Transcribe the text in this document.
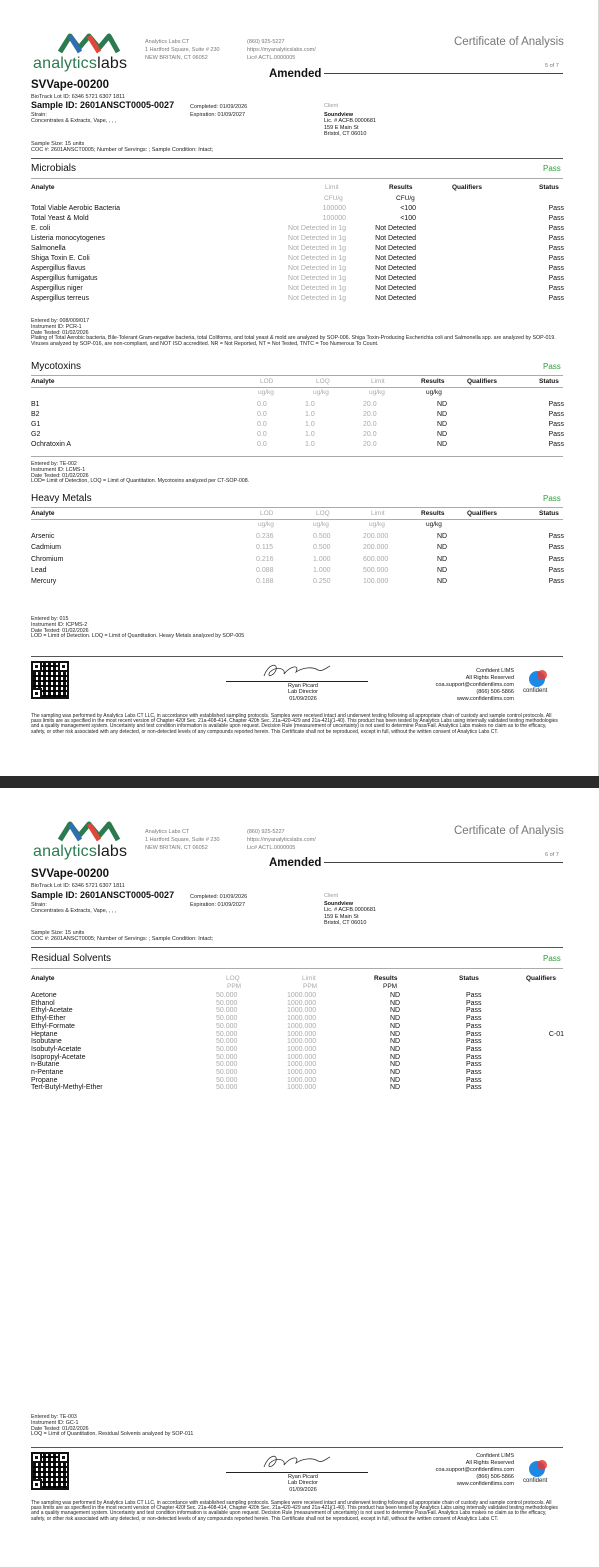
analyticslabs
Analytics Labs CT
1 Hartford Square, Suite # 230
NEW BRITAIN, CT 06052
(860) 925-5227
https://myanalyticslabs.com/
Lic# ACTL.0000005
Certificate of Analysis
5 of 7
Amended
SVVape-00200
BioTrack Lot ID: 6346 5721 6307 1811
Sample ID: 2601ANSCT0005-0027
Strain:
Concentrates & Extracts, Vape, , , ,
Completed: 01/09/2026
Expiration: 01/09/2027
Client
Soundview
Lic. # ACFB.0000681
159 E Main St
Bristol, CT 06010
Sample Size: 15 units
COC #: 2601ANSCT0005; Number of Servings: ; Sample Condition: Intact;
Microbials	Pass
Analyte	Limit	Results	Qualifiers	Status
CFU/g	CFU/g
Total Viable Aerobic Bacteria	100000	<100		Pass
Total Yeast & Mold	100000	<100		Pass
E. coli	Not Detected in 1g	Not Detected		Pass
Listeria monocytogenes	Not Detected in 1g	Not Detected		Pass
Salmonella	Not Detected in 1g	Not Detected		Pass
Shiga Toxin E. Coli	Not Detected in 1g	Not Detected		Pass
Aspergillus flavus	Not Detected in 1g	Not Detected		Pass
Aspergillus fumigatus	Not Detected in 1g	Not Detected		Pass
Aspergillus niger	Not Detected in 1g	Not Detected		Pass
Aspergillus terreus	Not Detected in 1g	Not Detected		Pass
Entered by: 008/009/017
Instrument ID: PCR-1
Date Tested: 01/02/2026
Plating of Total Aerobic bacteria, Bile-Tolerant Gram-negative bacteria, total Coliforms, and total yeast & mold are analyzed by SOP-006. Shiga Toxin-Producing Escherichia coli and Salmonella spp. are analyzed by SOP-019. Viruses analyzed by SOP-016, are non-compliant, and NOT ISO accredited. NR = Not Reported, NT = Not Tested, TNTC = Too Numerous To Count.
Mycotoxins	Pass
Analyte	LOD	LOQ	Limit	Results	Qualifiers	Status
ug/kg	ug/kg	ug/kg	ug/kg
B1	0.0	1.0	20.0	ND		Pass
B2	0.0	1.0	20.0	ND		Pass
G1	0.0	1.0	20.0	ND		Pass
G2	0.0	1.0	20.0	ND		Pass
Ochratoxin A	0.0	1.0	20.0	ND		Pass
Entered by: TE-002
Instrument ID: LCMS-1
Date Tested: 01/02/2026
LOD= Limit of Detection, LOQ = Limit of Quantitation. Mycotoxins analyzed per CT-SOP-008.
Heavy Metals	Pass
Analyte	LOD	LOQ	Limit	Results	Qualifiers	Status
ug/kg	ug/kg	ug/kg	ug/kg
Arsenic	0.236	0.500	200.000	ND		Pass
Cadmium	0.115	0.500	200.000	ND		Pass
Chromium	0.216	1.000	600.000	ND		Pass
Lead	0.088	1.000	500.000	ND		Pass
Mercury	0.188	0.250	100.000	ND		Pass
Entered by: 015
Instrument ID: ICPMS-2
Date Tested: 01/02/2026
LOD = Limit of Detection. LOQ = Limit of Quantitation. Heavy Metals analyzed by SOP-005
Ryan Picard
Lab Director
01/09/2026
Confident LIMS
All Rights Reserved
coa.support@confidentlims.com
(866) 506-5866
www.confidentlims.com
confident
The sampling was performed by Analytics Labs CT LLC, in accordance with established sampling protocols. Samples were received intact and underwent testing following all appropriate chain of custody and sample control protocols. All pass limits are as specified in the most recent version of Chapter 420f Sec. 21a-408-414, Chapter 420h Sec. 21a-420-429 and 21a-421j(1-40). This product has been tested by Analytics Labs using internally validated testing methodologies and a quality management system. Uncertainty and test condition information is available upon request. Decision Rule (measurement of uncertainty) is not used to determine Pass/Fail. Analytics Labs makes no claim as to the efficacy, safety, or other risk associated with any detected, or non-detected levels of any compounds reported herein. This Certificate shall not be reproduced, except in full, without the written consent of Analytics Labs CT.
analyticslabs
Analytics Labs CT
1 Hartford Square, Suite # 230
NEW BRITAIN, CT 06052
(860) 925-5227
https://myanalyticslabs.com/
Lic# ACTL.0000005
Certificate of Analysis
6 of 7
Amended
SVVape-00200
BioTrack Lot ID: 6346 5721 6307 1811
Sample ID: 2601ANSCT0005-0027
Strain:
Concentrates & Extracts, Vape, , , ,
Completed: 01/09/2026
Expiration: 01/09/2027
Client
Soundview
Lic. # ACFB.0000681
159 E Main St
Bristol, CT 06010
Sample Size: 15 units
COC #: 2601ANSCT0005; Number of Servings: ; Sample Condition: Intact;
Residual Solvents	Pass
Analyte	LOQ	Limit	Results	Status	Qualifiers
PPM	PPM	PPM
Acetone	50.000	1000.000	ND	Pass	
Ethanol	50.000	1000.000	ND	Pass	
Ethyl-Acetate	50.000	1000.000	ND	Pass	
Ethyl-Ether	50.000	1000.000	ND	Pass	
Ethyl-Formate	50.000	1000.000	ND	Pass	
Heptane	50.000	1000.000	ND	Pass	C-01
Isobutane	50.000	1000.000	ND	Pass	
Isobutyl-Acetate	50.000	1000.000	ND	Pass	
Isopropyl-Acetate	50.000	1000.000	ND	Pass	
n-Butane	50.000	1000.000	ND	Pass	
n-Pentane	50.000	1000.000	ND	Pass	
Propane	50.000	1000.000	ND	Pass	
Tert-Butyl-Methyl-Ether	50.000	1000.000	ND	Pass	
Entered by: TE-003
Instrument ID: GC-1
Date Tested: 01/02/2026
LOQ = Limit of Quantitation. Residual Solvents analyzed by SOP-011
Ryan Picard
Lab Director
01/09/2026
Confident LIMS
All Rights Reserved
coa.support@confidentlims.com
(866) 506-5866
www.confidentlims.com confident
The sampling was performed by Analytics Labs CT LLC, in accordance with established sampling protocols. Samples were received intact and underwent testing following all appropriate chain of custody and sample control protocols. All pass limits are as specified in the most recent version of Chapter 420f Sec. 21a-408-414, Chapter 420h Sec. 21a-420-429 and 21a-421j(1-40). This product has been tested by Analytics Labs using internally validated testing methodologies and a quality management system. Uncertainty and test condition information is available upon request. Decision Rule (measurement of uncertainty) is not used to determine Pass/Fail. Analytics Labs makes no claim as to the efficacy, safety, or other risk associated with any detected, or non-detected levels of any compounds reported herein. This Certificate shall not be reproduced, except in full, without the written consent of Analytics Labs CT.
